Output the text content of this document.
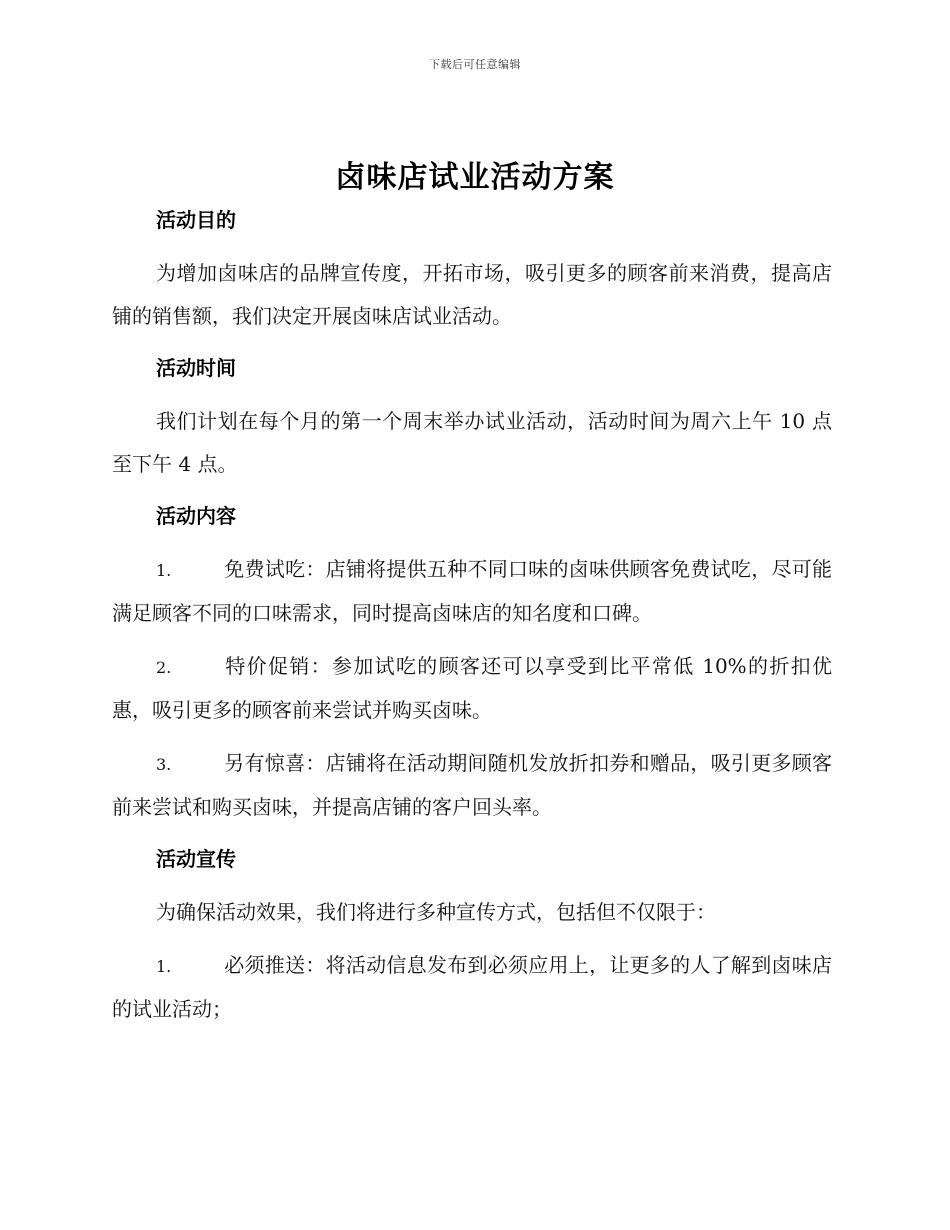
下载后可任意编辑
卤味店试业活动方案
活动目的

为增加卤味店的品牌宣传度，开拓市场，吸引更多的顾客前来消费，提高店铺的销售额，我们决定开展卤味店试业活动。

活动时间

我们计划在每个月的第一个周末举办试业活动，活动时间为周六上午 10 点至下午 4 点。

活动内容

1.	免费试吃：店铺将提供五种不同口味的卤味供顾客免费试吃，尽可能满足顾客不同的口味需求，同时提高卤味店的知名度和口碑。

2.	特价促销：参加试吃的顾客还可以享受到比平常低 10%的折扣优惠，吸引更多的顾客前来尝试并购买卤味。

3.	另有惊喜：店铺将在活动期间随机发放折扣券和赠品，吸引更多顾客前来尝试和购买卤味，并提高店铺的客户回头率。

活动宣传

为确保活动效果，我们将进行多种宣传方式，包括但不仅限于：

1.	必须推送：将活动信息发布到必须应用上，让更多的人了解到卤味店的试业活动；
